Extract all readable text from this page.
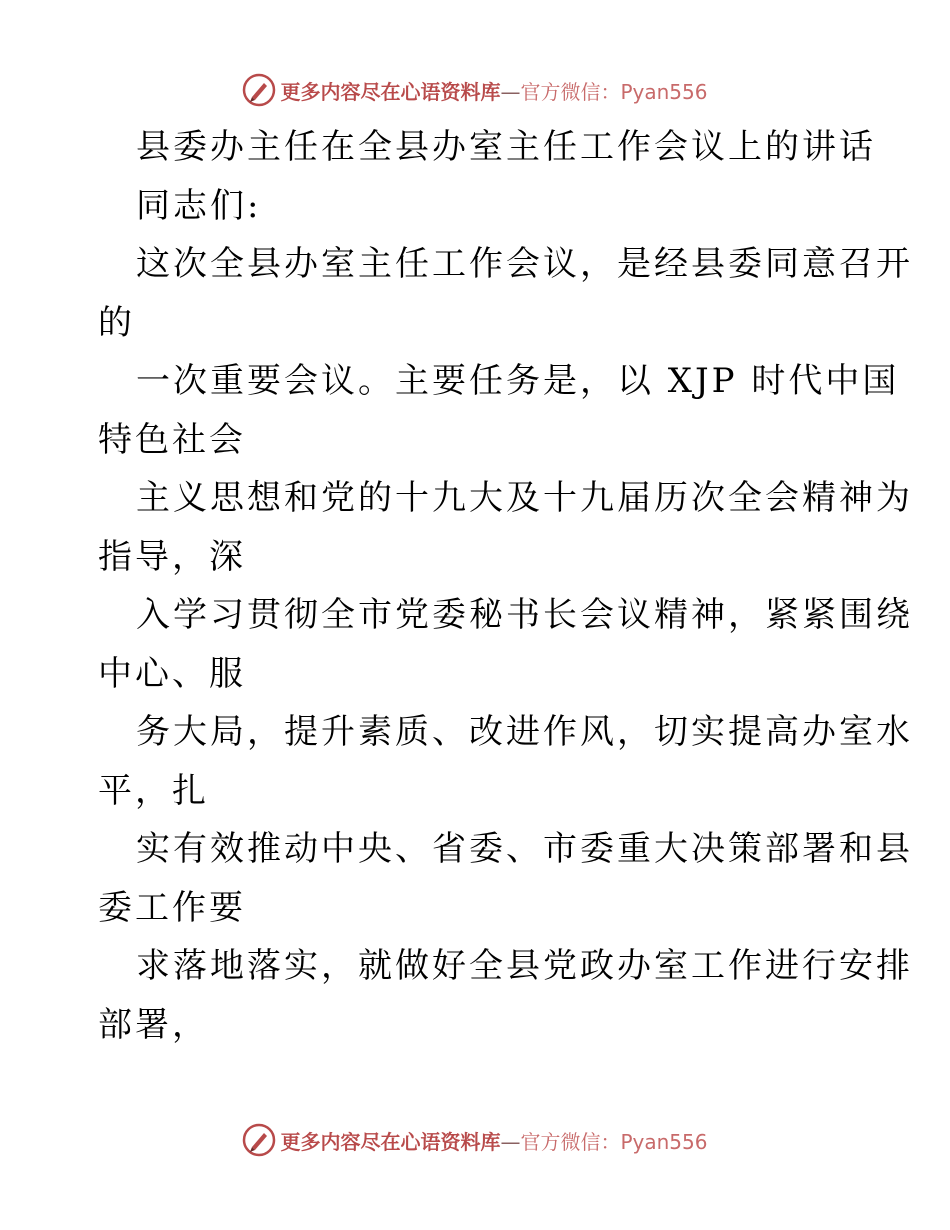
更多内容尽在心语资料库—官方微信：Pyan556
县委办主任在全县办室主任工作会议上的讲话
同志们:
这次全县办室主任工作会议，是经县委同意召开
的
一次重要会议。主要任务是，以 XJP 时代中国
特色社会
主义思想和党的十九大及十九届历次全会精神为
指导，深
入学习贯彻全市党委秘书长会议精神，紧紧围绕
中心、服
务大局，提升素质、改进作风，切实提高办室水
平，扎
实有效推动中央、省委、市委重大决策部署和县
委工作要
求落地落实，就做好全县党政办室工作进行安排
部署，
更多内容尽在心语资料库—官方微信：Pyan556
